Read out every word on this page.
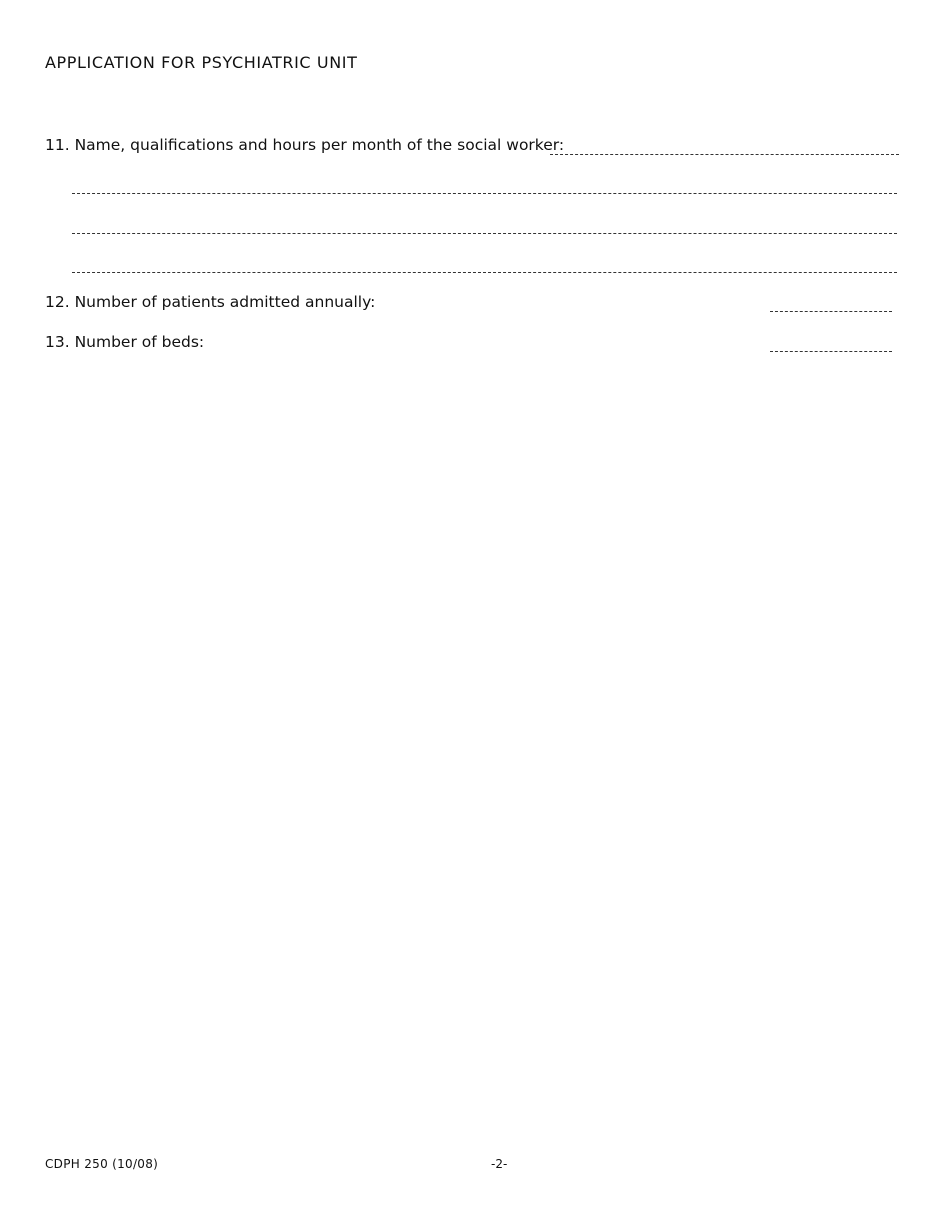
APPLICATION FOR PSYCHIATRIC UNIT
11. Name, qualifications and hours per month of the social worker:
12. Number of patients admitted annually:
13. Number of beds:
CDPH 250 (10/08)	-2-
